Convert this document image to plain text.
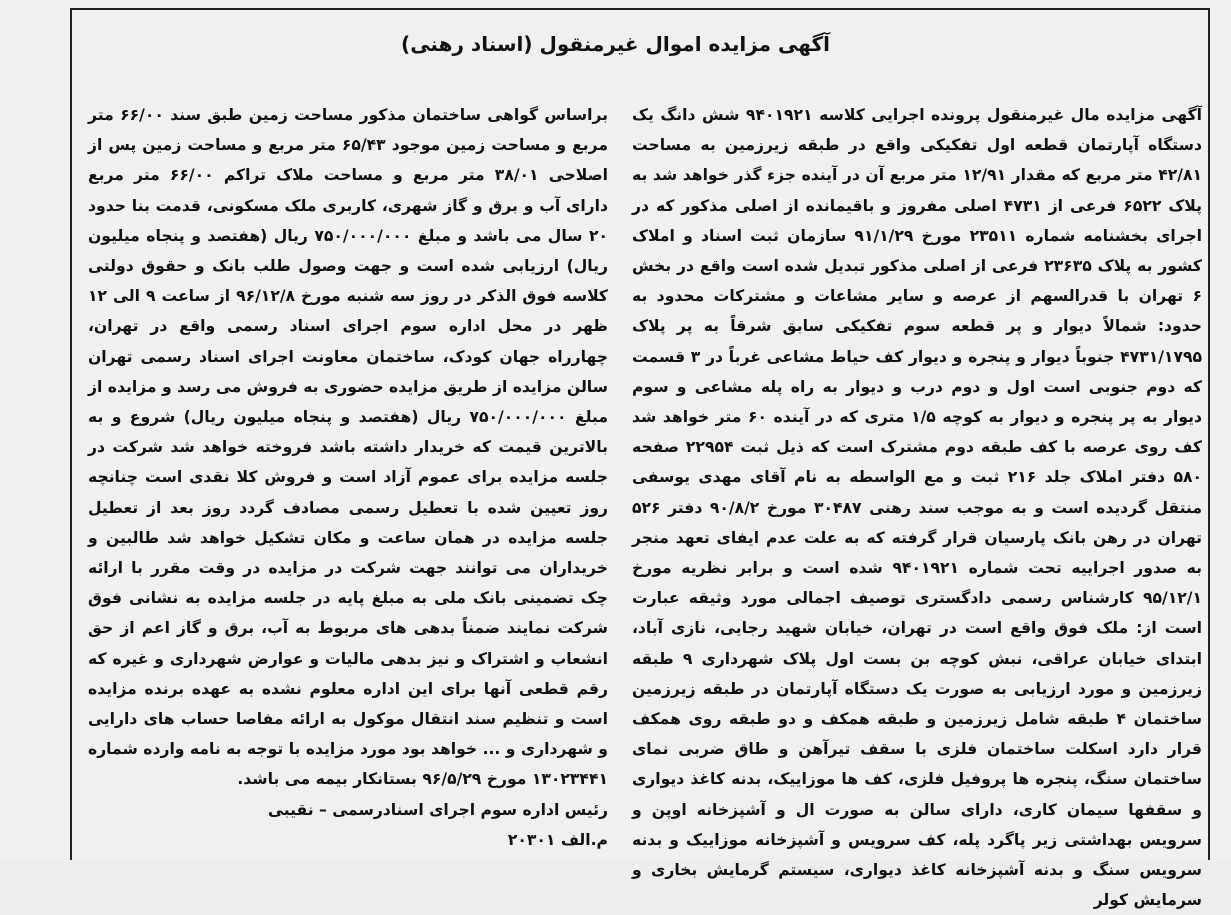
آگهی مزایده اموال غیرمنقول (اسناد رهنی)

آگهی مزایده مال غیرمنقول پرونده اجرایی کلاسه ۹۴۰۱۹۲۱ شش دانگ یک دستگاه آپارتمان قطعه اول تفکیکی واقع در طبقه زیرزمین به مساحت ۴۲/۸۱ متر مربع که مقدار ۱۲/۹۱ متر مربع آن در آینده جزء گذر خواهد شد به پلاک ۶۵۲۲ فرعی از ۴۷۳۱ اصلی مفروز و باقیمانده از اصلی مذکور که در اجرای بخشنامه شماره ۲۳۵۱۱ مورخ ۹۱/۱/۲۹ سازمان ثبت اسناد و املاک کشور به پلاک ۲۳۶۳۵ فرعی از اصلی مذکور تبدیل شده است واقع در بخش ۶ تهران با قدرالسهم از عرصه و سایر مشاعات و مشترکات محدود به حدود: شمالاً دیوار و پر قطعه سوم تفکیکی سابق شرقاً به پر پلاک ۴۷۳۱/۱۷۹۵ جنوباً دیوار و پنجره و دیوار کف حیاط مشاعی غرباً در ۳ قسمت که دوم جنوبی است اول و دوم درب و دیوار به راه پله مشاعی و سوم دیوار به پر پنجره و دیوار به کوچه ۱/۵ متری که در آینده ۶۰ متر خواهد شد کف روی عرصه با کف طبقه دوم مشترک است که ذیل ثبت ۲۲۹۵۴ صفحه ۵۸۰ دفتر املاک جلد ۲۱۶ ثبت و مع الواسطه به نام آقای مهدی یوسفی منتقل گردیده است و به موجب سند رهنی ۳۰۴۸۷ مورخ ۹۰/۸/۲ دفتر ۵۲۶ تهران در رهن بانک پارسیان قرار گرفته که به علت عدم ایفای تعهد منجر به صدور اجراییه تحت شماره ۹۴۰۱۹۲۱ شده است و برابر نظریه مورخ ۹۵/۱۲/۱ کارشناس رسمی دادگستری توصیف اجمالی مورد وثیقه عبارت است از: ملک فوق واقع است در تهران، خیابان شهید رجایی، نازی آباد، ابتدای خیابان عراقی، نبش کوچه بن بست اول پلاک شهرداری ۹ طبقه زیرزمین و مورد ارزیابی به صورت یک دستگاه آپارتمان در طبقه زیرزمین ساختمان ۴ طبقه شامل زیرزمین و طبقه همکف و دو طبقه روی همکف قرار دارد اسکلت ساختمان فلزی با سقف تیرآهن و طاق ضربی نمای ساختمان سنگ، پنجره ها پروفیل فلزی، کف ها موزاییک، بدنه کاغذ دیواری و سقفها سیمان کاری، دارای سالن به صورت ال و آشپزخانه اوپن و سرویس بهداشتی زیر پاگرد پله، کف سرویس و آشپزخانه موزاییک و بدنه سرویس سنگ و بدنه آشپزخانه کاغذ دیواری، سیستم گرمایش بخاری و سرمایش کولر

براساس گواهی ساختمان مذکور مساحت زمین طبق سند ۶۶/۰۰ متر مربع و مساحت زمین موجود ۶۵/۴۳ متر مربع و مساحت زمین پس از اصلاحی ۳۸/۰۱ متر مربع و مساحت ملاک تراکم ۶۶/۰۰ متر مربع دارای آب و برق و گاز شهری، کاربری ملک مسکونی، قدمت بنا حدود ۲۰ سال می باشد و مبلغ ۷۵۰/۰۰۰/۰۰۰ ریال (هفتصد و پنجاه میلیون ریال) ارزیابی شده است و جهت وصول طلب بانک و حقوق دولتی کلاسه فوق الذکر در روز سه شنبه مورخ ۹۶/۱۲/۸ از ساعت ۹ الی ۱۲ ظهر در محل اداره سوم اجرای اسناد رسمی واقع در تهران، چهارراه جهان کودک، ساختمان معاونت اجرای اسناد رسمی تهران سالن مزایده از طریق مزایده حضوری به فروش می رسد و مزایده از مبلغ ۷۵۰/۰۰۰/۰۰۰ ریال (هفتصد و پنجاه میلیون ریال) شروع و به بالاترین قیمت که خریدار داشته باشد فروخته خواهد شد شرکت در جلسه مزایده برای عموم آزاد است و فروش کلا نقدی است چنانچه روز تعیین شده با تعطیل رسمی مصادف گردد روز بعد از تعطیل جلسه مزایده در همان ساعت و مکان تشکیل خواهد شد طالبین و خریداران می توانند جهت شرکت در مزایده در وقت مقرر با ارائه چک تضمینی بانک ملی به مبلغ پایه در جلسه مزایده به نشانی فوق شرکت نمایند ضمناً بدهی های مربوط به آب، برق و گاز اعم از حق انشعاب و اشتراک و نیز بدهی مالیات و عوارض شهرداری و غیره که رقم قطعی آنها برای این اداره معلوم نشده به عهده برنده مزایده است و تنظیم سند انتقال موکول به ارائه مفاصا حساب های دارایی و شهرداری و ... خواهد بود مورد مزایده با توجه به نامه وارده شماره ۱۳۰۲۳۴۴۱ مورخ ۹۶/۵/۲۹ بستانکار بیمه می باشد.

رئیس اداره سوم اجرای اسنادرسمی – نقیبی

م.الف ۲۰۳۰۱
